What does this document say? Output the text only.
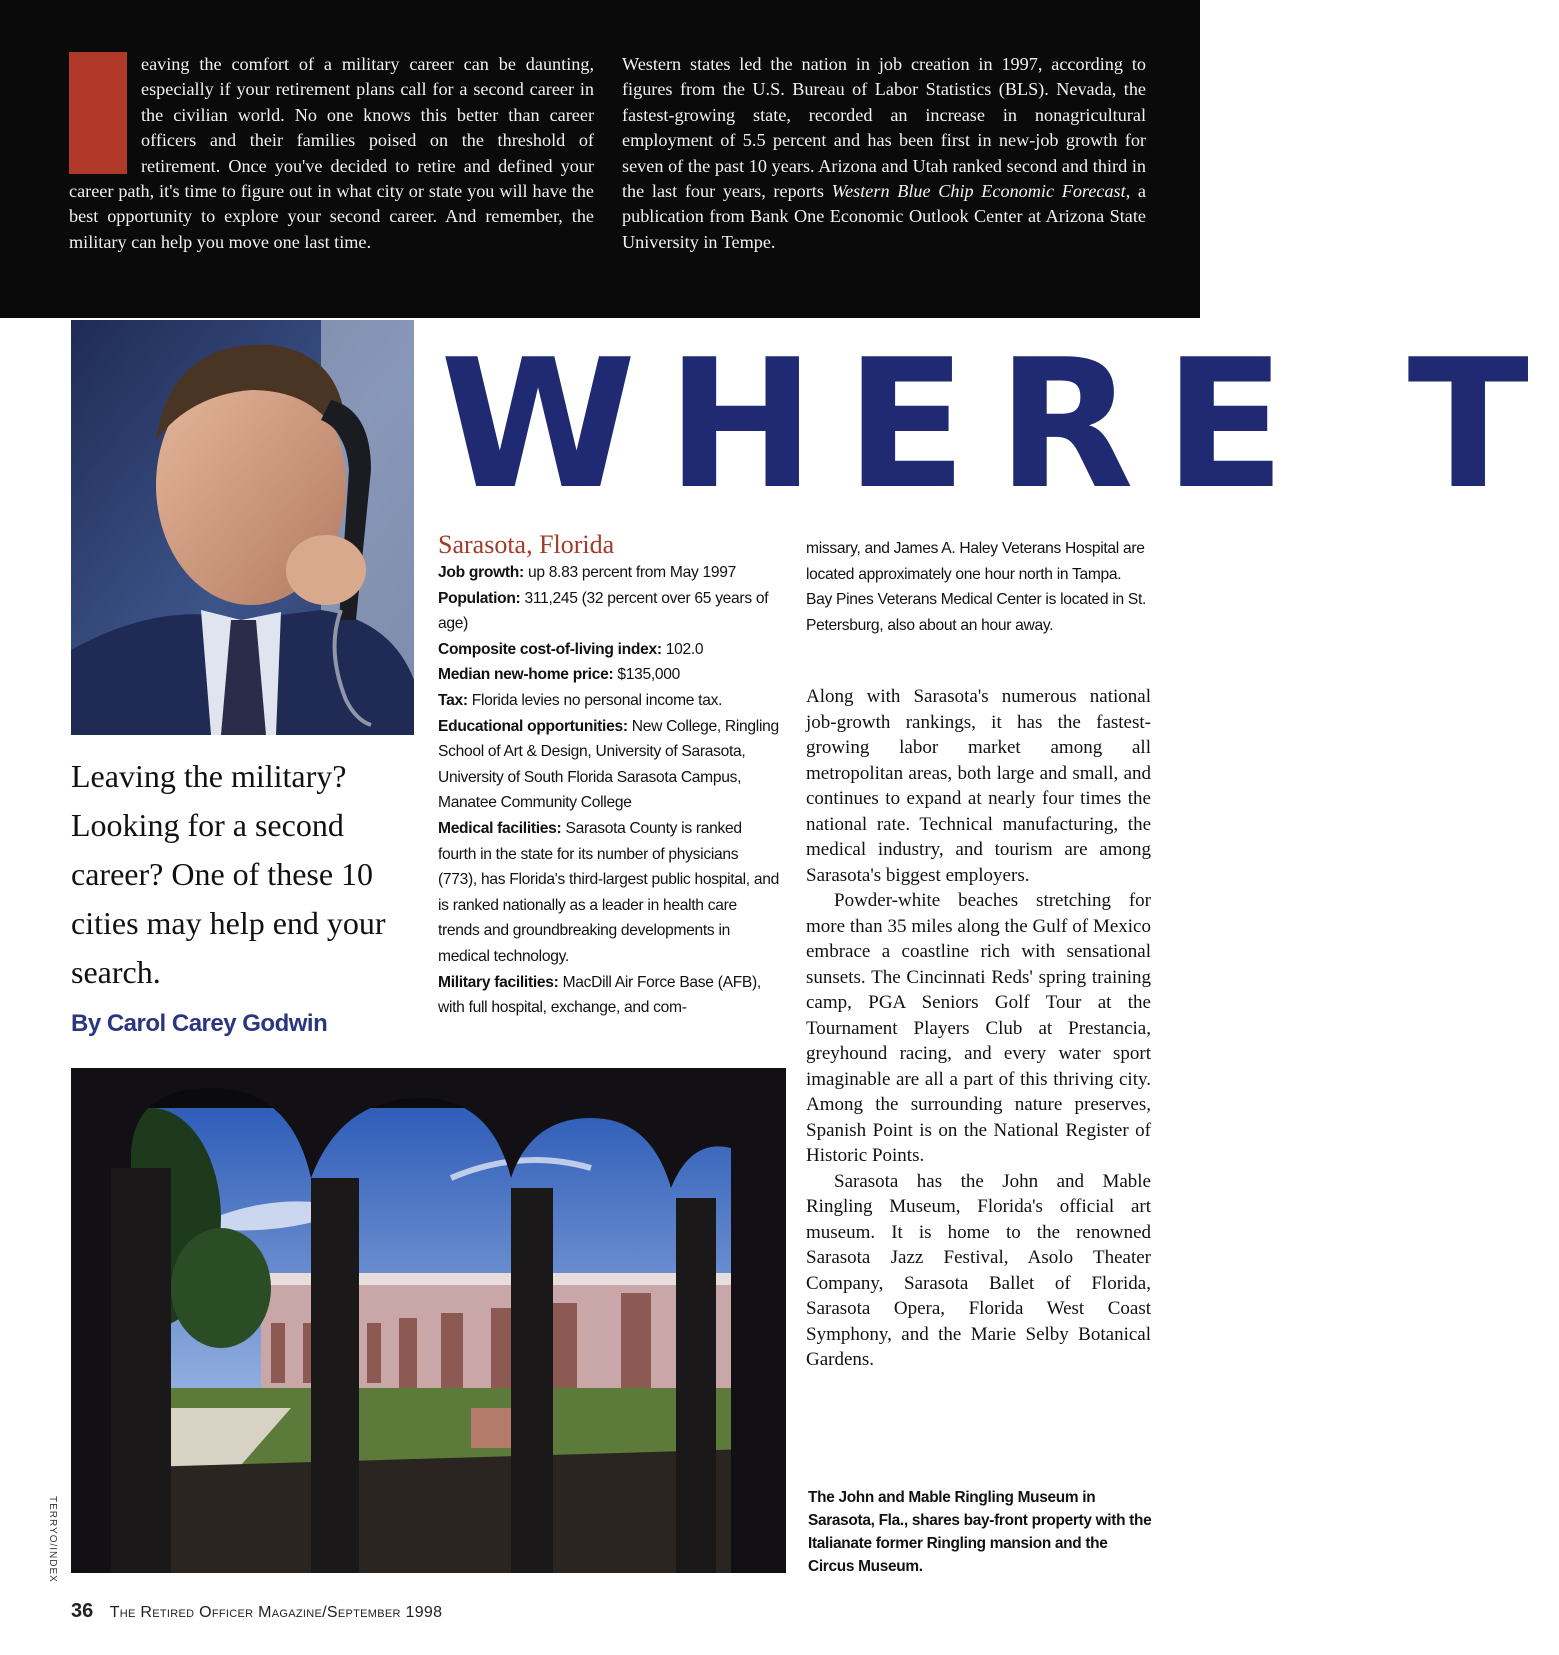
L	eaving the comfort of a military career can be daunting, especially if your retirement plans call for a second career in the civilian world. No one knows this better than career officers and their families poised on the threshold of retirement. Once you've decided to retire and defined your career path, it's time to figure out in what city or state you will have the best opportunity to explore your second career. And remember, the military can help you move one last time.
Western states led the nation in job creation in 1997, according to figures from the U.S. Bureau of Labor Statistics (BLS). Nevada, the fastest-growing state, recorded an increase in nonagricultural employment of 5.5 percent and has been first in new-job growth for seven of the past 10 years. Arizona and Utah ranked second and third in the last four years, reports Western Blue Chip Economic Forecast, a publication from Bank One Economic Outlook Center at Arizona State University in Tempe.
WHERE T
Leaving the military? Looking for a second career? One of these 10 cities may help end your search.
By Carol Carey Godwin
Sarasota, Florida
Job growth: up 8.83 percent from May 1997
Population: 311,245 (32 percent over 65 years of age)
Composite cost-of-living index: 102.0
Median new-home price: $135,000
Tax: Florida levies no personal income tax.
Educational opportunities: New College, Ringling School of Art & Design, University of Sarasota, University of South Florida Sarasota Campus, Manatee Community College
Medical facilities: Sarasota County is ranked fourth in the state for its number of physicians (773), has Florida's third-largest public hospital, and is ranked nationally as a leader in health care trends and groundbreaking developments in medical technology.
Military facilities: MacDill Air Force Base (AFB), with full hospital, exchange, and com-
missary, and James A. Haley Veterans Hospital are located approximately one hour north in Tampa. Bay Pines Veterans Medical Center is located in St. Petersburg, also about an hour away.

Along with Sarasota's numerous national job-growth rankings, it has the fastest-growing labor market among all metropolitan areas, both large and small, and continues to expand at nearly four times the national rate. Technical manufacturing, the medical industry, and tourism are among Sarasota's biggest employers.

Powder-white beaches stretching for more than 35 miles along the Gulf of Mexico embrace a coastline rich with sensational sunsets. The Cincinnati Reds' spring training camp, PGA Seniors Golf Tour at the Tournament Players Club at Prestancia, greyhound racing, and every water sport imaginable are all a part of this thriving city. Among the surrounding nature preserves, Spanish Point is on the National Register of Historic Points.

Sarasota has the John and Mable Ringling Museum, Florida's official art museum. It is home to the renowned Sarasota Jazz Festival, Asolo Theater Company, Sarasota Ballet of Florida, Sarasota Opera, Florida West Coast Symphony, and the Marie Selby Botanical Gardens.

TERRYO/INDEX	The John and Mable Ringling Museum in Sarasota, Fla., shares bay-front property with the Italianate former Ringling mansion and the Circus Museum.
36 The Retired Officer Magazine/September 1998
